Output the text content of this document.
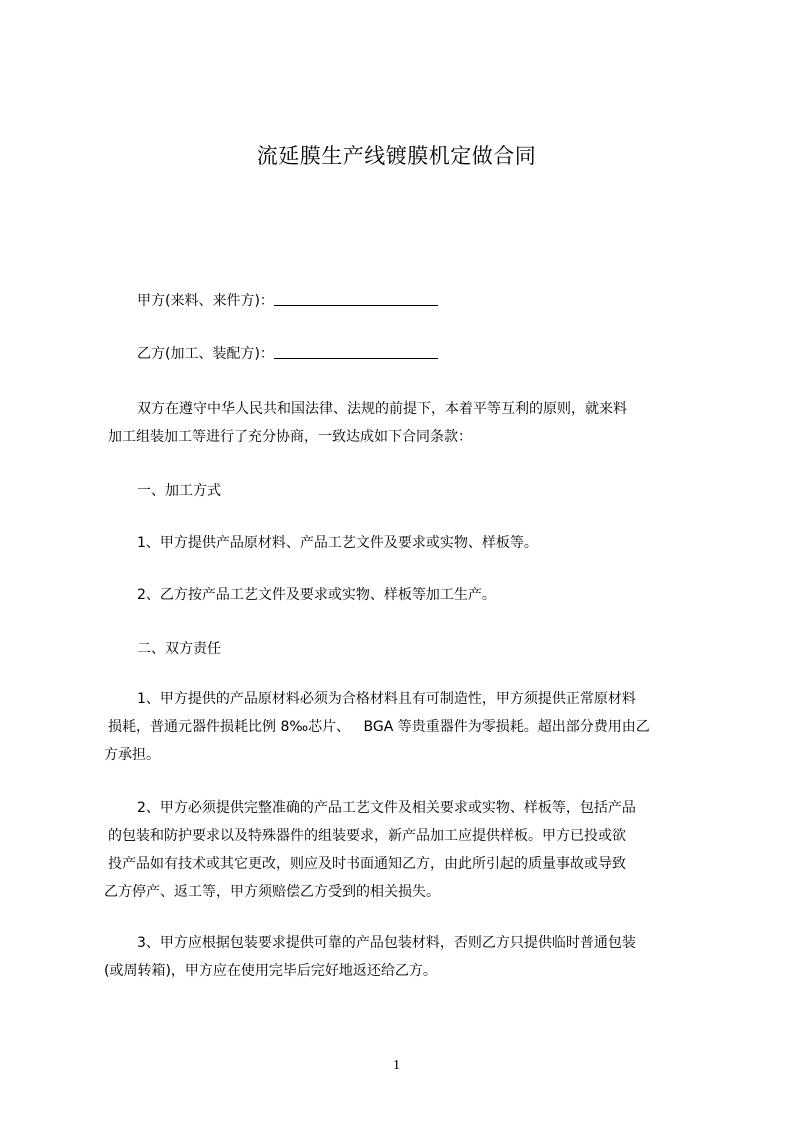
流延膜生产线镀膜机定做合同
甲方(来料、来件方)：
乙方(加工、装配方)：
双方在遵守中华人民共和国法律、法规的前提下，本着平等互利的原则，就来料
加工组装加工等进行了充分协商，一致达成如下合同条款：
一、加工方式
1、甲方提供产品原材料、产品工艺文件及要求或实物、样板等。
2、乙方按产品工艺文件及要求或实物、样板等加工生产。
二、双方责任
1、甲方提供的产品原材料必须为合格材料且有可制造性，甲方须提供正常原材料
损耗，普通元器件损耗比例 8‰芯片、   BGA 等贵重器件为零损耗。超出部分费用由乙
方承担。
2、甲方必须提供完整准确的产品工艺文件及相关要求或实物、样板等，包括产品
的包装和防护要求以及特殊器件的组装要求，新产品加工应提供样板。甲方已投或欲
投产品如有技术或其它更改，则应及时书面通知乙方，由此所引起的质量事故或导致
乙方停产、返工等，甲方须赔偿乙方受到的相关损失。
3、甲方应根据包装要求提供可靠的产品包装材料，否则乙方只提供临时普通包装
(或周转箱)，甲方应在使用完毕后完好地返还给乙方。
1
